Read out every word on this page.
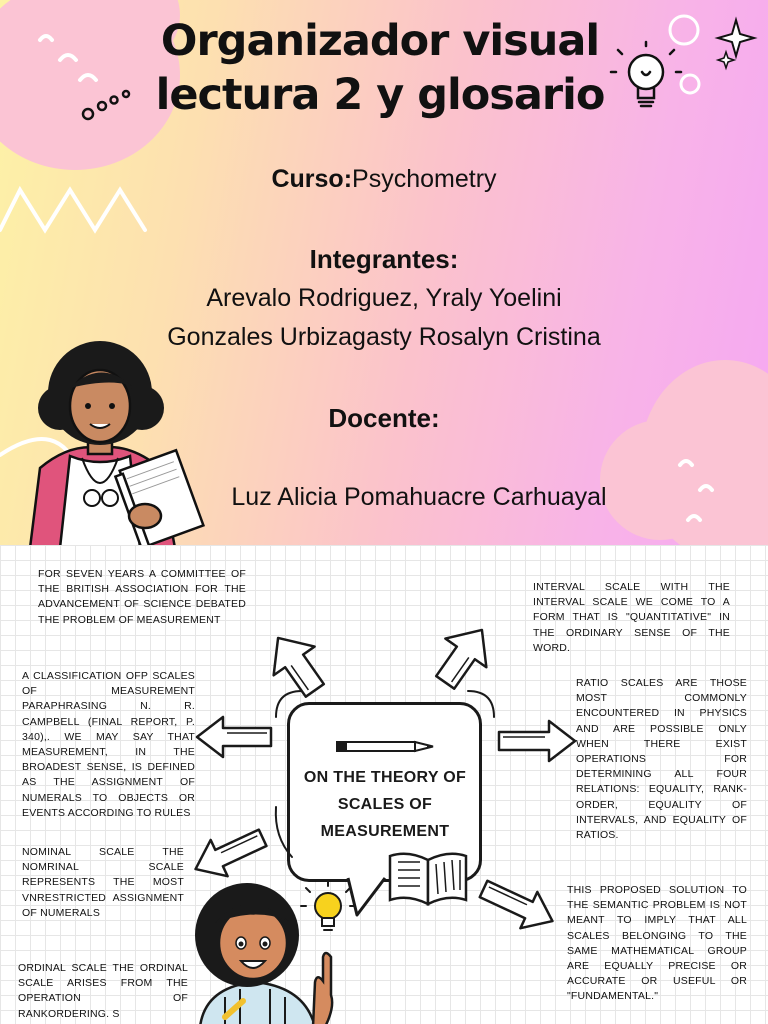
Organizador visual
lectura 2 y glosario
Curso:Psychometry
Integrantes:
Arevalo Rodriguez, Yraly Yoelini
Gonzales Urbizagasty Rosalyn Cristina
Docente:
Luz Alicia Pomahuacre Carhuayal
FOR SEVEN YEARS A COMMITTEE OF THE BRITISH ASSOCIATION FOR THE ADVANCEMENT OF SCIENCE DEBATED THE PROBLEM OF MEASUREMENT
A CLASSIFICATION OFP SCALES OF MEASUREMENT PARAPHRASING N. R. CAMPBELL (FINAL REPORT, P. 340),. WE MAY SAY THAT MEASUREMENT, IN THE BROADEST SENSE, IS DEFINED AS THE ASSIGNMENT OF NUMERALS TO OBJECTS OR EVENTS ACCORDING TO RULES
NOMINAL SCALE THE NOMRINAL SCALE REPRESENTS THE MOST VNRESTRICTED ASSIGNMENT OF NUMERALS
ORDINAL SCALE THE ORDINAL SCALE ARISES FROM THE OPERATION OF RANKORDERING. S
INTERVAL SCALE WITH THE INTERVAL SCALE WE COME TO A FORM THAT IS "QUANTITATIVE" IN THE ORDINARY SENSE OF THE WORD.
RATIO SCALES ARE THOSE MOST COMMONLY ENCOUNTERED IN PHYSICS AND ARE POSSIBLE ONLY WHEN THERE EXIST OPERATIONS FOR DETERMINING ALL FOUR RELATIONS: EQUALITY, RANK-ORDER, EQUALITY OF INTERVALS, AND EQUALITY OF RATIOS.
THIS PROPOSED SOLUTION TO THE SEMANTIC PROBLEM IS NOT MEANT TO IMPLY THAT ALL SCALES BELONGING TO THE SAME MATHEMATICAL GROUP ARE EQUALLY PRECISE OR ACCURATE OR USEFUL OR "FUNDAMENTAL."
ON THE THEORY OF SCALES OF MEASUREMENT
